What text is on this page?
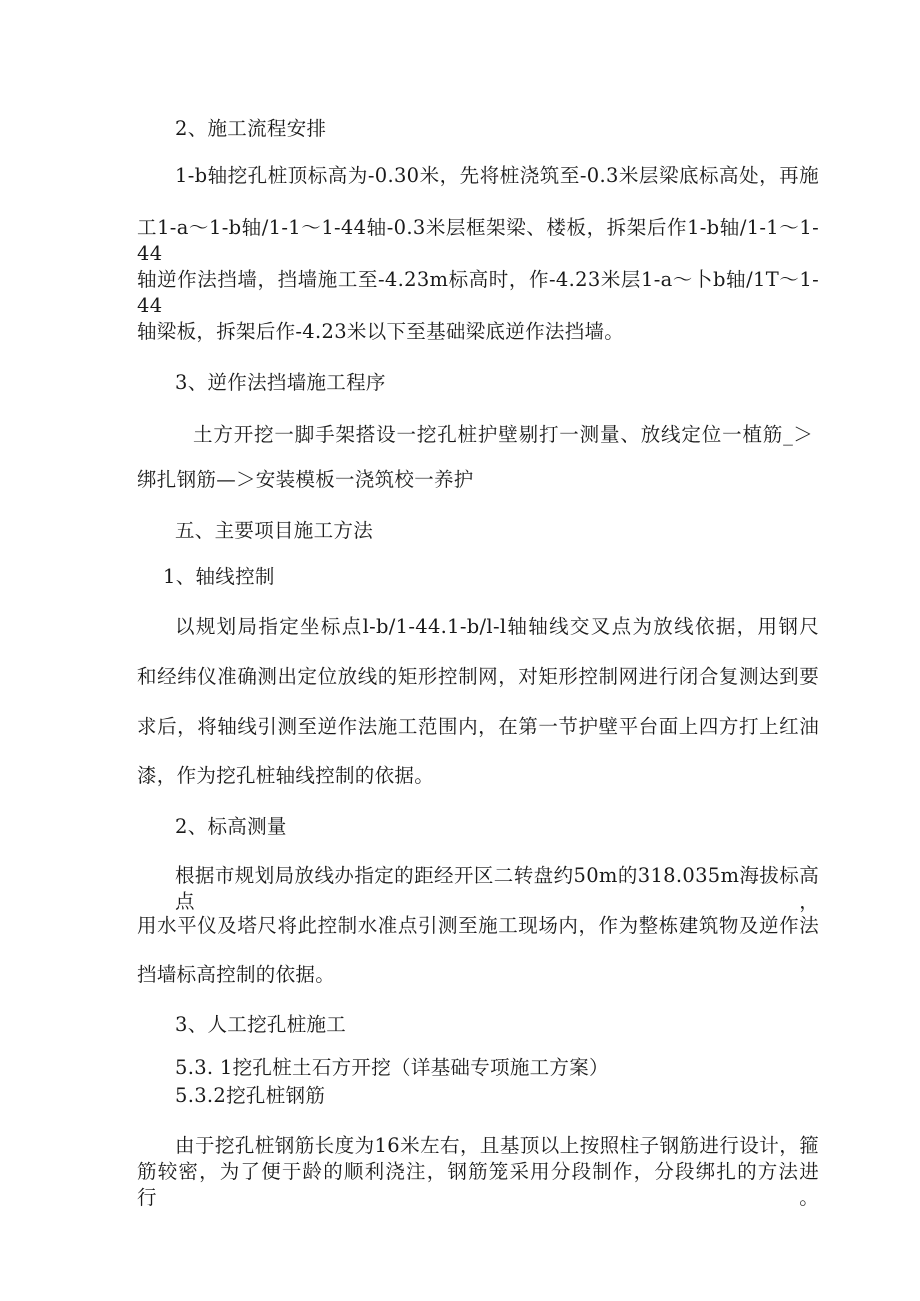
2、施工流程安排
1-b轴挖孔桩顶标高为-0.30米，先将桩浇筑至-0.3米层梁底标高处，再施
工1-a～1-b轴/1-1～1-44轴-0.3米层框架梁、楼板，拆架后作1-b轴/1-1～1-44
轴逆作法挡墙，挡墙施工至-4.23m标高时，作-4.23米层1-a～卜b轴/1T～1-44
轴梁板，拆架后作-4.23米以下至基础梁底逆作法挡墙。
3、逆作法挡墙施工程序
土方开挖一脚手架搭设一挖孔桩护壁剔打一测量、放线定位一植筋_＞
绑扎钢筋—＞安装模板一浇筑校一养护
五、主要项目施工方法
1、轴线控制
以规划局指定坐标点l-b/1-44.1-b/l-l轴轴线交叉点为放线依据，用钢尺
和经纬仪准确测出定位放线的矩形控制网，对矩形控制网进行闭合复测达到要
求后，将轴线引测至逆作法施工范围内，在第一节护壁平台面上四方打上红油
漆，作为挖孔桩轴线控制的依据。
2、标高测量
根据市规划局放线办指定的距经开区二转盘约50m的318.035m海拔标高点，
用水平仪及塔尺将此控制水准点引测至施工现场内，作为整栋建筑物及逆作法
挡墙标高控制的依据。
3、人工挖孔桩施工
5.3. 1挖孔桩土石方开挖（详基础专项施工方案）
5.3.2挖孔桩钢筋
由于挖孔桩钢筋长度为16米左右，且基顶以上按照柱子钢筋进行设计，箍
筋较密，为了便于龄的顺利浇注，钢筋笼采用分段制作，分段绑扎的方法进行。
